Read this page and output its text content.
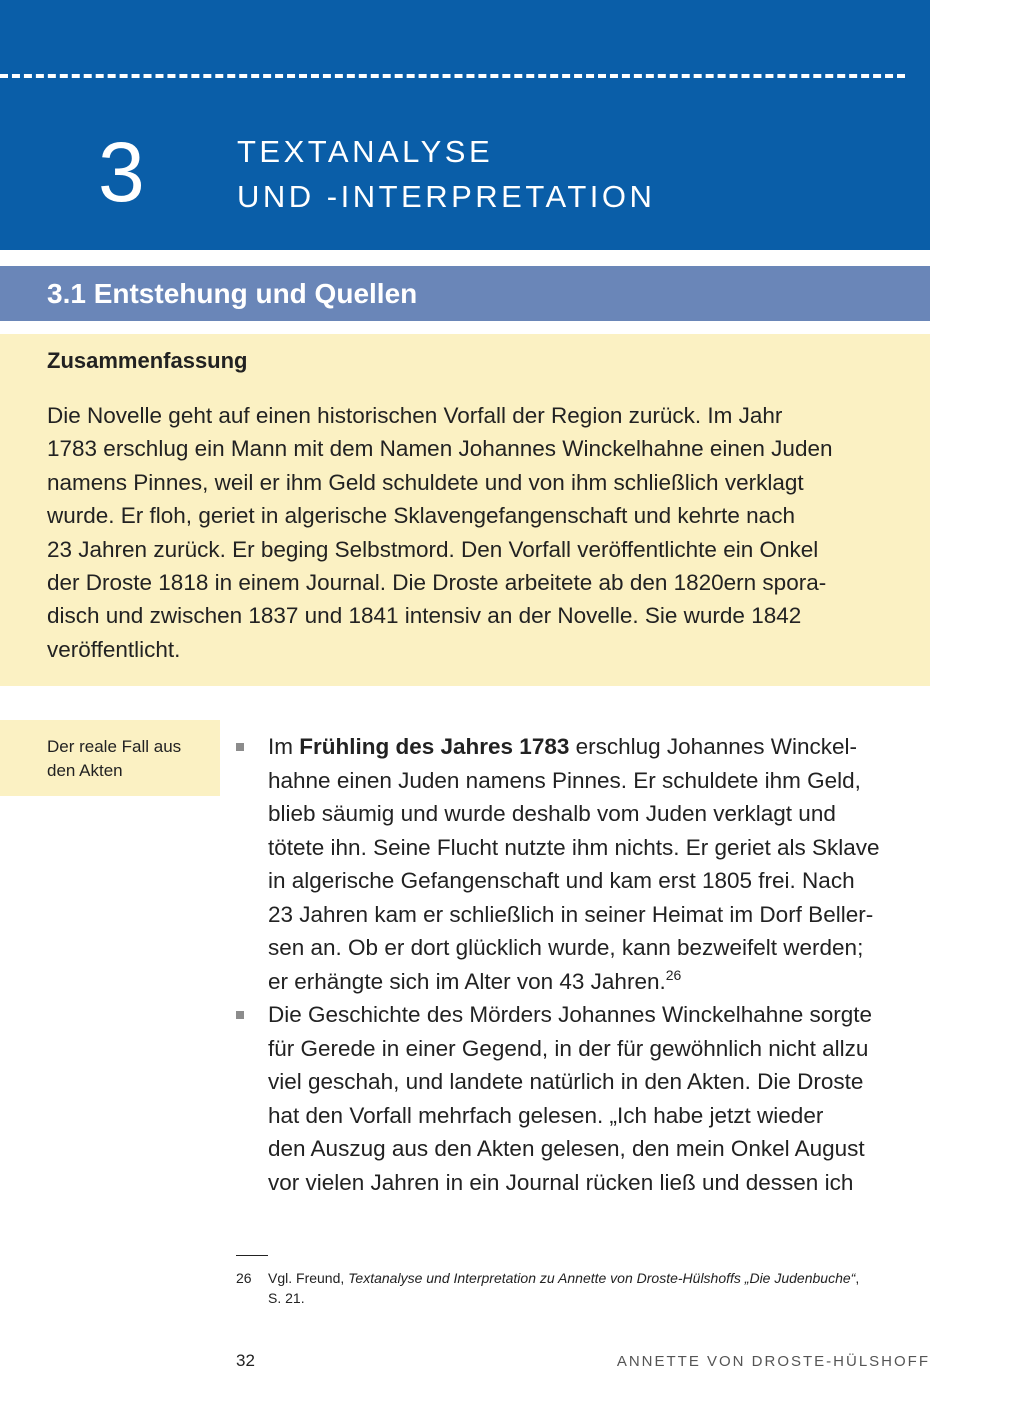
3	TEXTANALYSE
UND -INTERPRETATION
3.1 Entstehung und Quellen
Zusammenfassung
Die Novelle geht auf einen historischen Vorfall der Region zurück. Im Jahr
1783 erschlug ein Mann mit dem Namen Johannes Winckelhahne einen Juden
namens Pinnes, weil er ihm Geld schuldete und von ihm schließlich verklagt
wurde. Er floh, geriet in algerische Sklavengefangenschaft und kehrte nach
23 Jahren zurück. Er beging Selbstmord. Den Vorfall veröffentlichte ein Onkel
der Droste 1818 in einem Journal. Die Droste arbeitete ab den 1820ern spora-
disch und zwischen 1837 und 1841 intensiv an der Novelle. Sie wurde 1842
veröffentlicht.
Der reale Fall aus
den Akten
Im Frühling des Jahres 1783 erschlug Johannes Winckel-
hahne einen Juden namens Pinnes. Er schuldete ihm Geld,
blieb säumig und wurde deshalb vom Juden verklagt und
tötete ihn. Seine Flucht nutzte ihm nichts. Er geriet als Sklave
in algerische Gefangenschaft und kam erst 1805 frei. Nach
23 Jahren kam er schließlich in seiner Heimat im Dorf Beller-
sen an. Ob er dort glücklich wurde, kann bezweifelt werden;
er erhängte sich im Alter von 43 Jahren.$^{26}$
Die Geschichte des Mörders Johannes Winckelhahne sorgte
für Gerede in einer Gegend, in der für gewöhnlich nicht allzu
viel geschah, und landete natürlich in den Akten. Die Droste
hat den Vorfall mehrfach gelesen. „Ich habe jetzt wieder
den Auszug aus den Akten gelesen, den mein Onkel August
vor vielen Jahren in ein Journal rücken ließ und dessen ich
26 Vgl. Freund, Textanalyse und Interpretation zu Annette von Droste-Hülshoffs „Die Judenbuche“,
S. 21.
32	ANNETTE VON DROSTE-HÜLSHOFF
